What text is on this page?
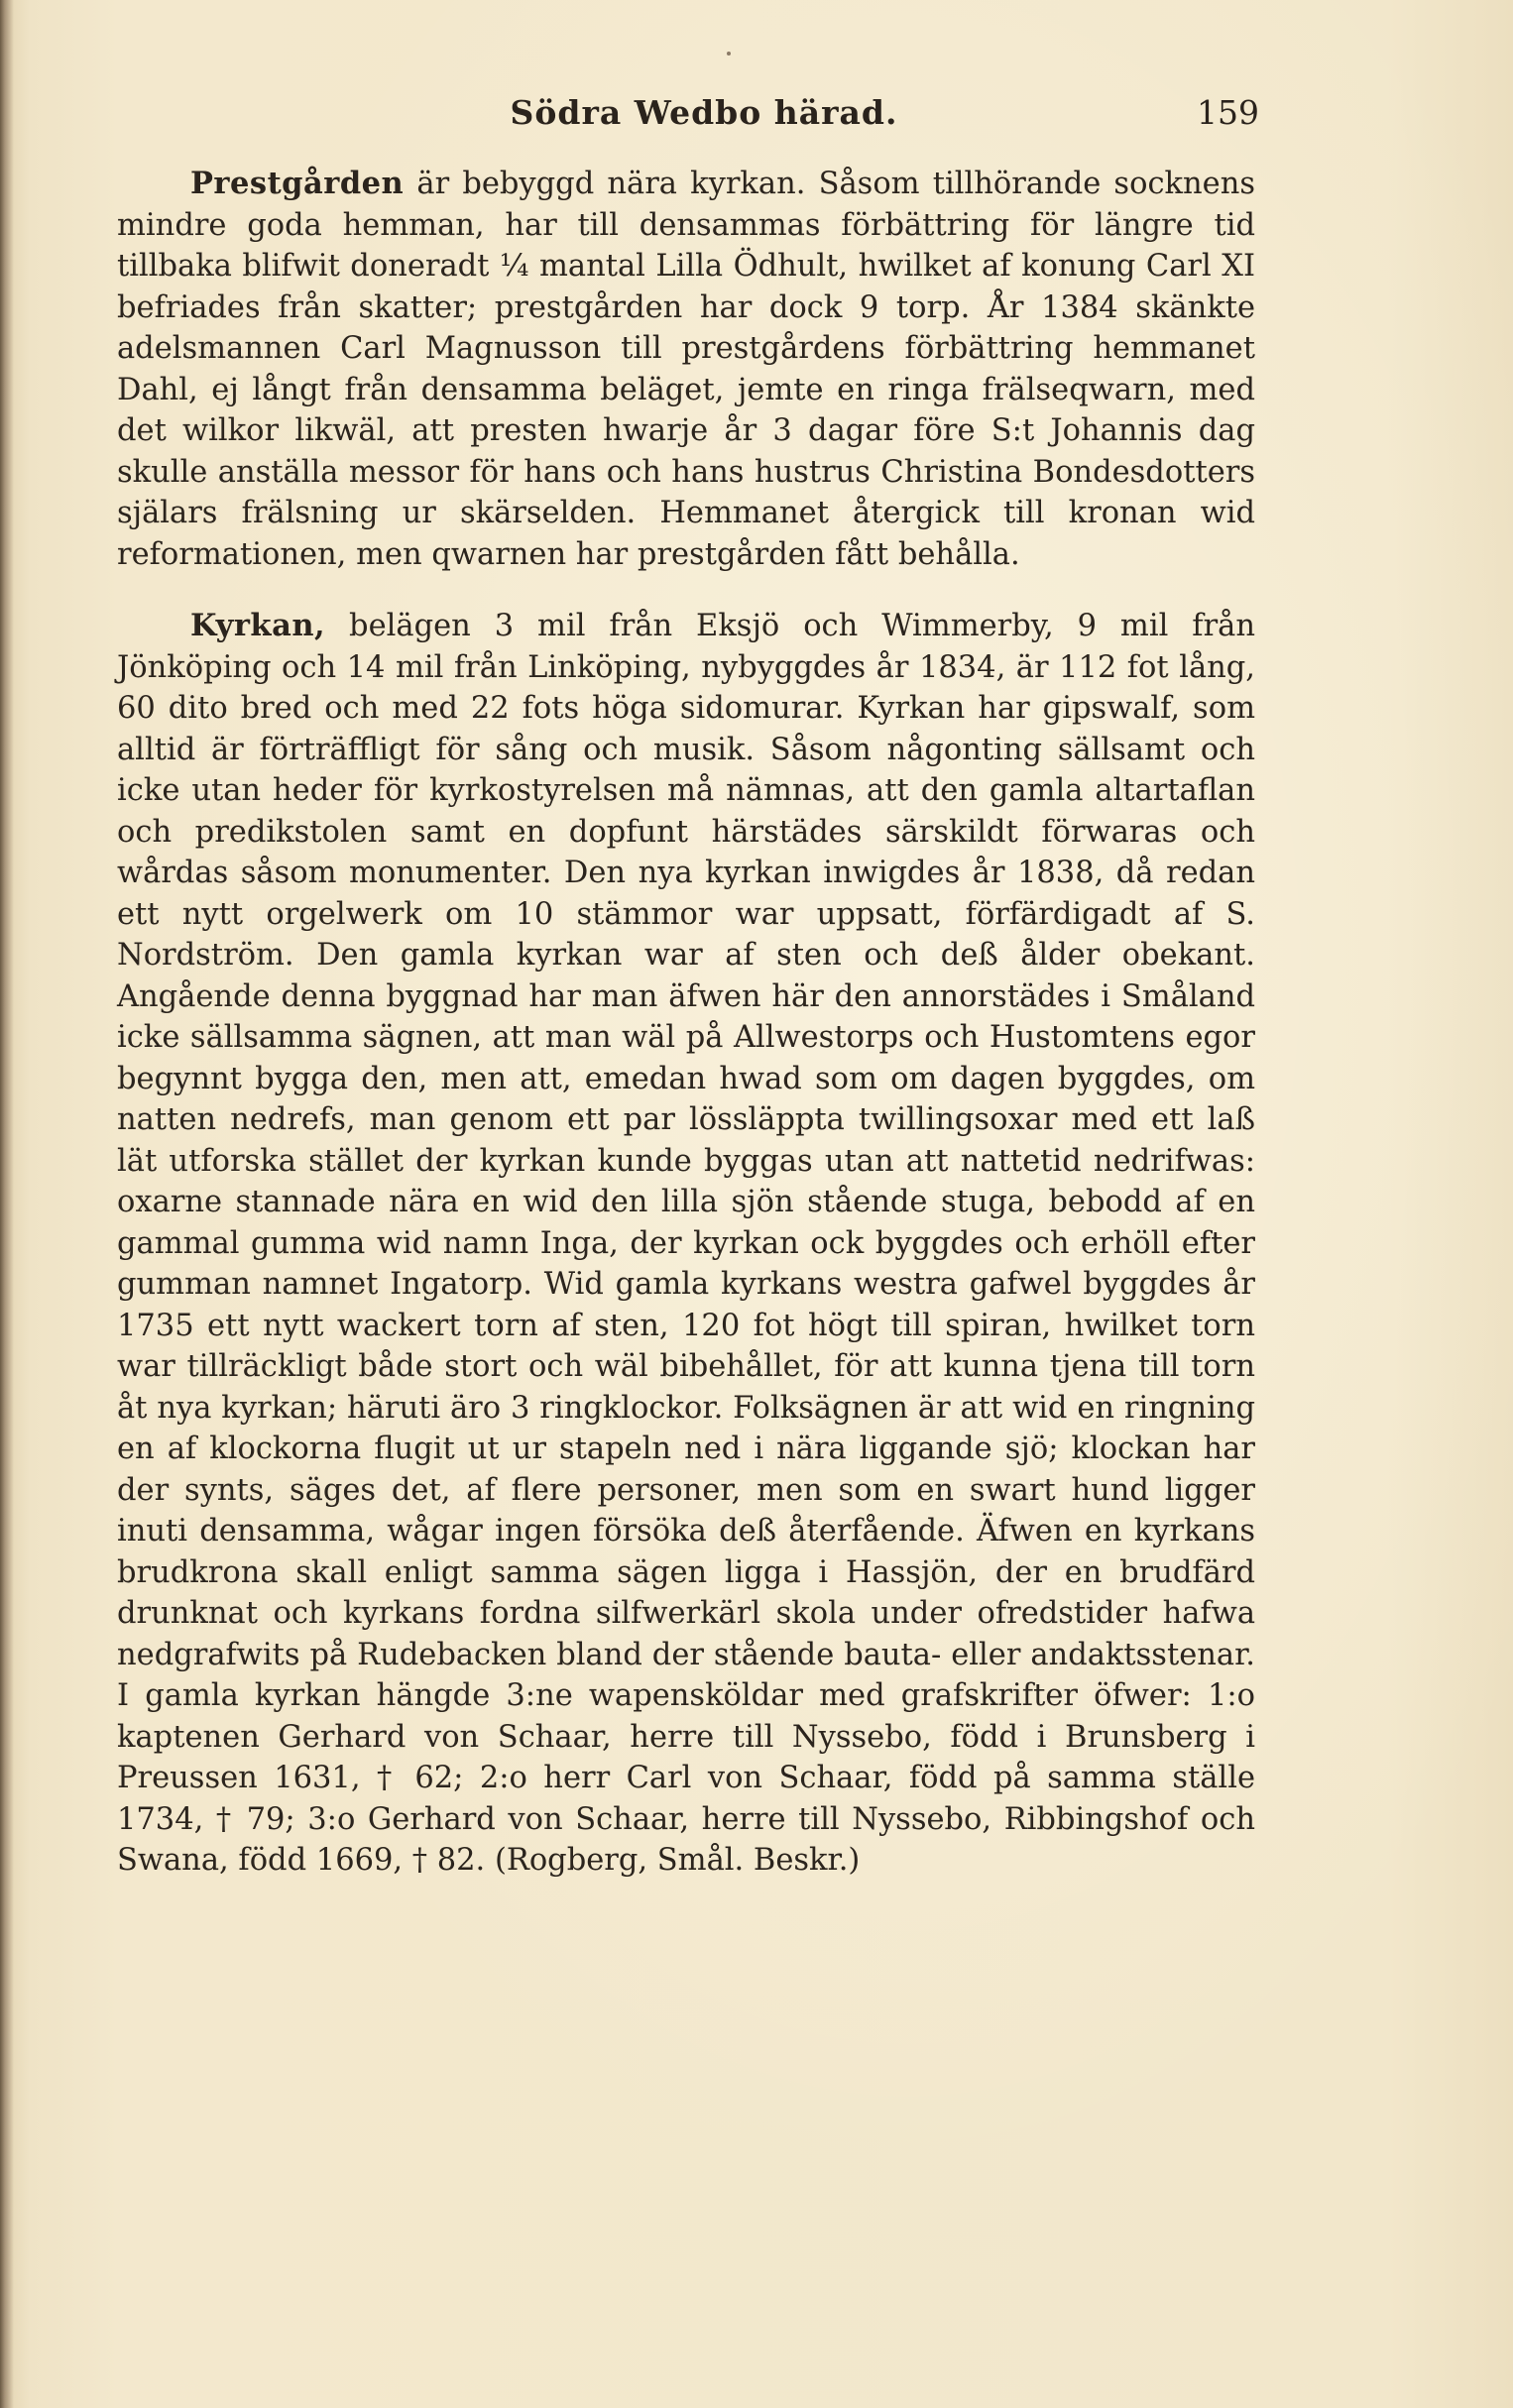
Södra Wedbo härad.	159

Prestgården är bebyggd nära kyrkan. Såsom tillhörande socknens mindre goda hemman, har till densammas förbättring för längre tid tillbaka blifwit doneradt ¼ mantal Lilla Ödhult, hwilket af konung Carl XI befriades från skatter; prestgården har dock 9 torp. År 1384 skänkte adelsmannen Carl Magnusson till prestgårdens förbättring hemmanet Dahl, ej långt från densamma beläget, jemte en ringa frälseqwarn, med det wilkor likwäl, att presten hwarje år 3 dagar före S:t Johannis dag skulle anställa messor för hans och hans hustrus Christina Bondesdotters själars frälsning ur skärselden. Hemmanet återgick till kronan wid reformationen, men qwarnen har prestgården fått behålla.

Kyrkan, belägen 3 mil från Eksjö och Wimmerby, 9 mil från Jönköping och 14 mil från Linköping, nybyggdes år 1834, är 112 fot lång, 60 dito bred och med 22 fots höga sidomurar. Kyrkan har gipswalf, som alltid är förträffligt för sång och musik. Såsom någonting sällsamt och icke utan heder för kyrkostyrelsen må nämnas, att den gamla altartaflan och predikstolen samt en dopfunt härstädes särskildt förwaras och wårdas såsom monumenter. Den nya kyrkan inwigdes år 1838, då redan ett nytt orgelwerk om 10 stämmor war uppsatt, förfärdigadt af S. Nordström. Den gamla kyrkan war af sten och deß ålder obekant. Angående denna byggnad har man äfwen här den annorstädes i Småland icke sällsamma sägnen, att man wäl på Allwestorps och Hustomtens egor begynnt bygga den, men att, emedan hwad som om dagen byggdes, om natten nedrefs, man genom ett par lössläppta twillingsoxar med ett laß lät utforska stället der kyrkan kunde byggas utan att nattetid nedrifwas: oxarne stannade nära en wid den lilla sjön stående stuga, bebodd af en gammal gumma wid namn Inga, der kyrkan ock byggdes och erhöll efter gumman namnet Ingatorp. Wid gamla kyrkans westra gafwel byggdes år 1735 ett nytt wackert torn af sten, 120 fot högt till spiran, hwilket torn war tillräckligt både stort och wäl bibehållet, för att kunna tjena till torn åt nya kyrkan; häruti äro 3 ringklockor. Folksägnen är att wid en ringning en af klockorna flugit ut ur stapeln ned i nära liggande sjö; klockan har der synts, säges det, af flere personer, men som en swart hund ligger inuti densamma, wågar ingen försöka deß återfående. Äfwen en kyrkans brudkrona skall enligt samma sägen ligga i Hassjön, der en brudfärd drunknat och kyrkans fordna silfwerkärl skola under ofredstider hafwa nedgrafwits på Rudebacken bland der stående bauta- eller andaktsstenar. I gamla kyrkan hängde 3:ne wapensköldar med grafskrifter öfwer: 1:o kaptenen Gerhard von Schaar, herre till Nyssebo, född i Brunsberg i Preussen 1631, † 62; 2:o herr Carl von Schaar, född på samma ställe 1734, † 79; 3:o Gerhard von Schaar, herre till Nyssebo, Ribbingshof och Swana, född 1669, † 82. (Rogberg, Smål. Beskr.)
